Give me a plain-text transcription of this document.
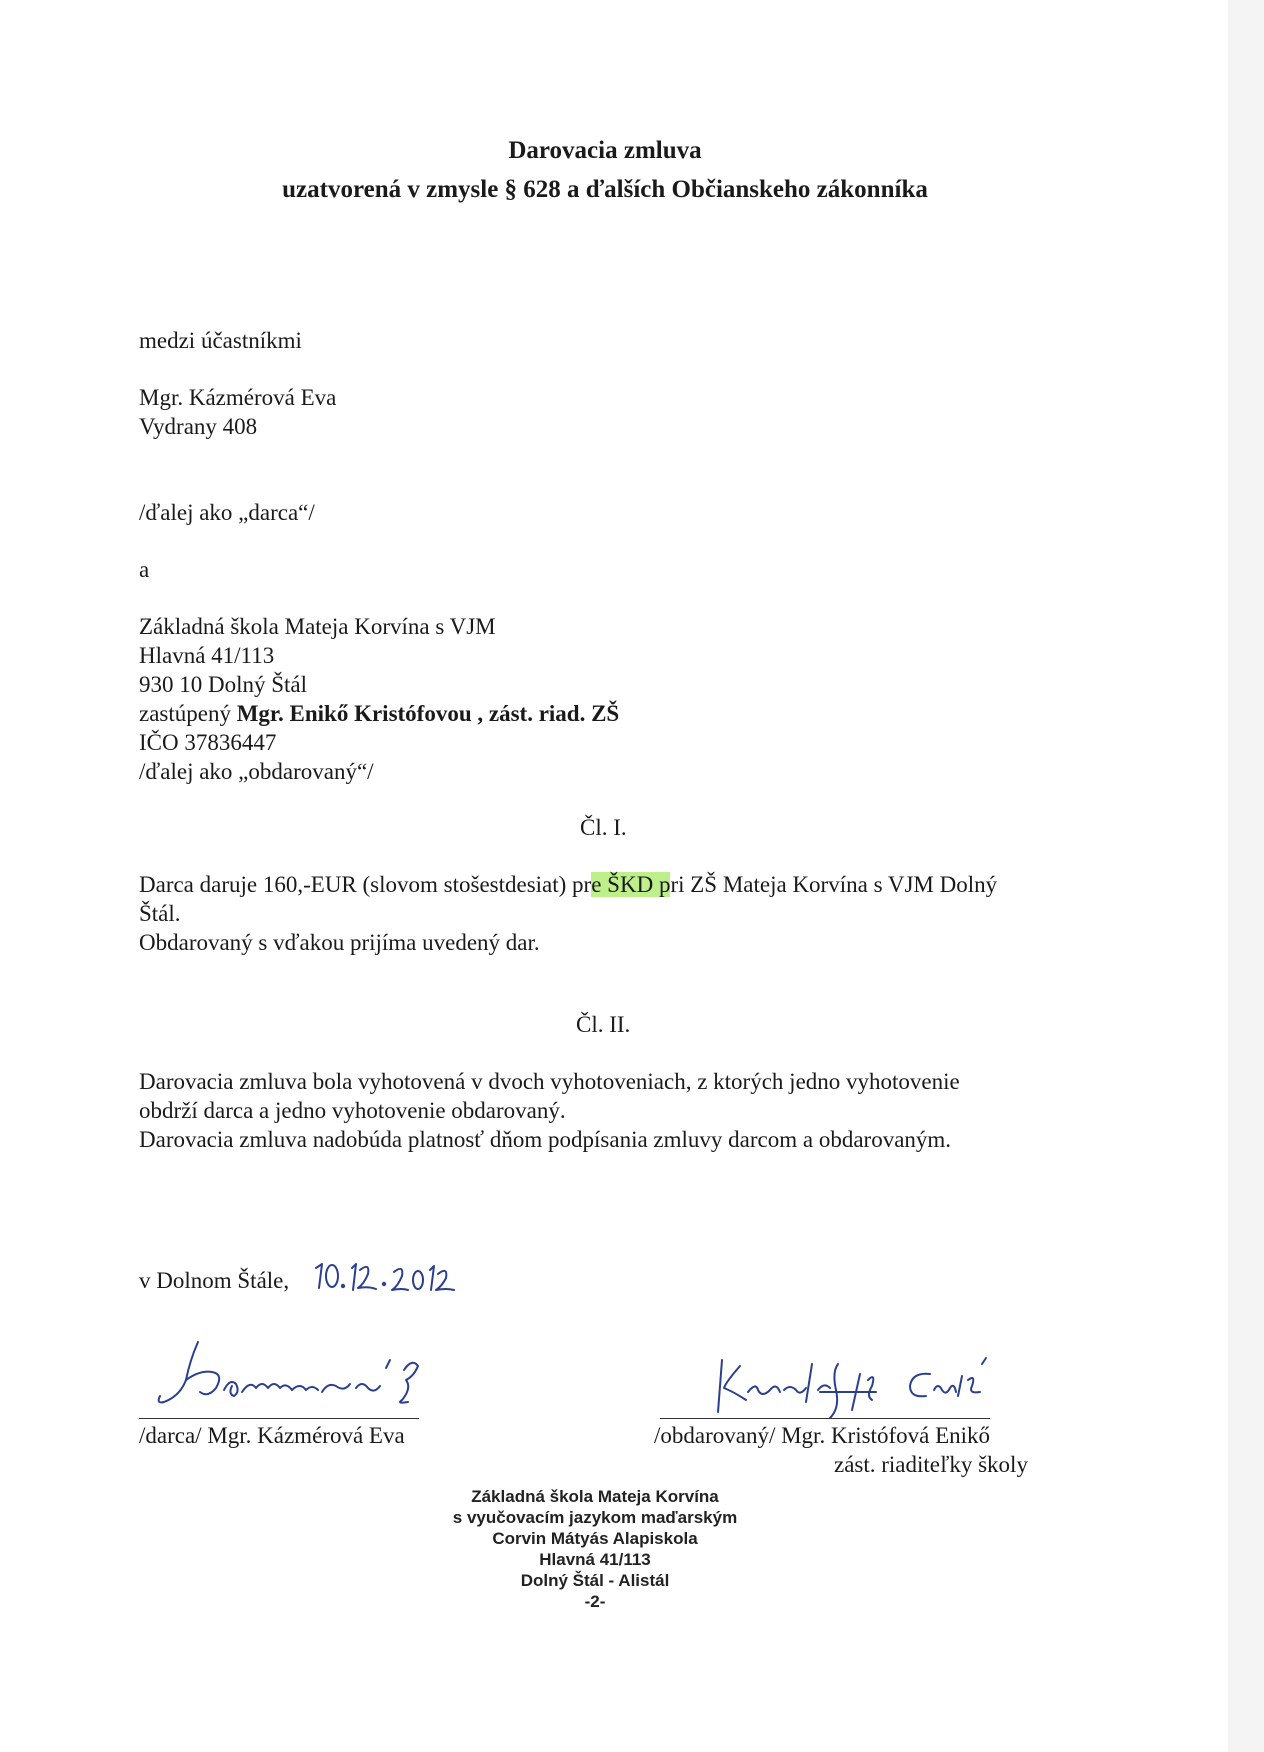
Darovacia zmluva
uzatvorená v zmysle § 628 a ďalších Občianskeho zákonníka
medzi účastníkmi
Mgr. Kázmérová Eva
Vydrany 408
/ďalej ako „darca“/
a
Základná škola Mateja Korvína s VJM
Hlavná 41/113
930 10 Dolný Štál
zastúpený Mgr. Enikő Kristófovou , zást. riad. ZŠ
IČO 37836447
/ďalej ako „obdarovaný“/
Čl. I.
Darca daruje 160,-EUR (slovom stošestdesiat) pre ŠKD pri ZŠ Mateja Korvína s VJM Dolný
Štál.
Obdarovaný s vďakou prijíma uvedený dar.
Čl. II.
Darovacia zmluva bola vyhotovená v dvoch vyhotoveniach, z ktorých jedno vyhotovenie
obdrží darca a jedno vyhotovenie obdarovaný.
Darovacia zmluva nadobúda platnosť dňom podpísania zmluvy darcom a obdarovaným.
v Dolnom Štále,
/darca/ Mgr. Kázmérová Eva	/obdarovaný/ Mgr. Kristófová Enikő
zást. riaditeľky školy
Základná škola Mateja Korvína
s vyučovacím jazykom maďarským
Corvin Mátyás Alapiskola
Hlavná 41/113
Dolný Štál - Alistál
-2-
